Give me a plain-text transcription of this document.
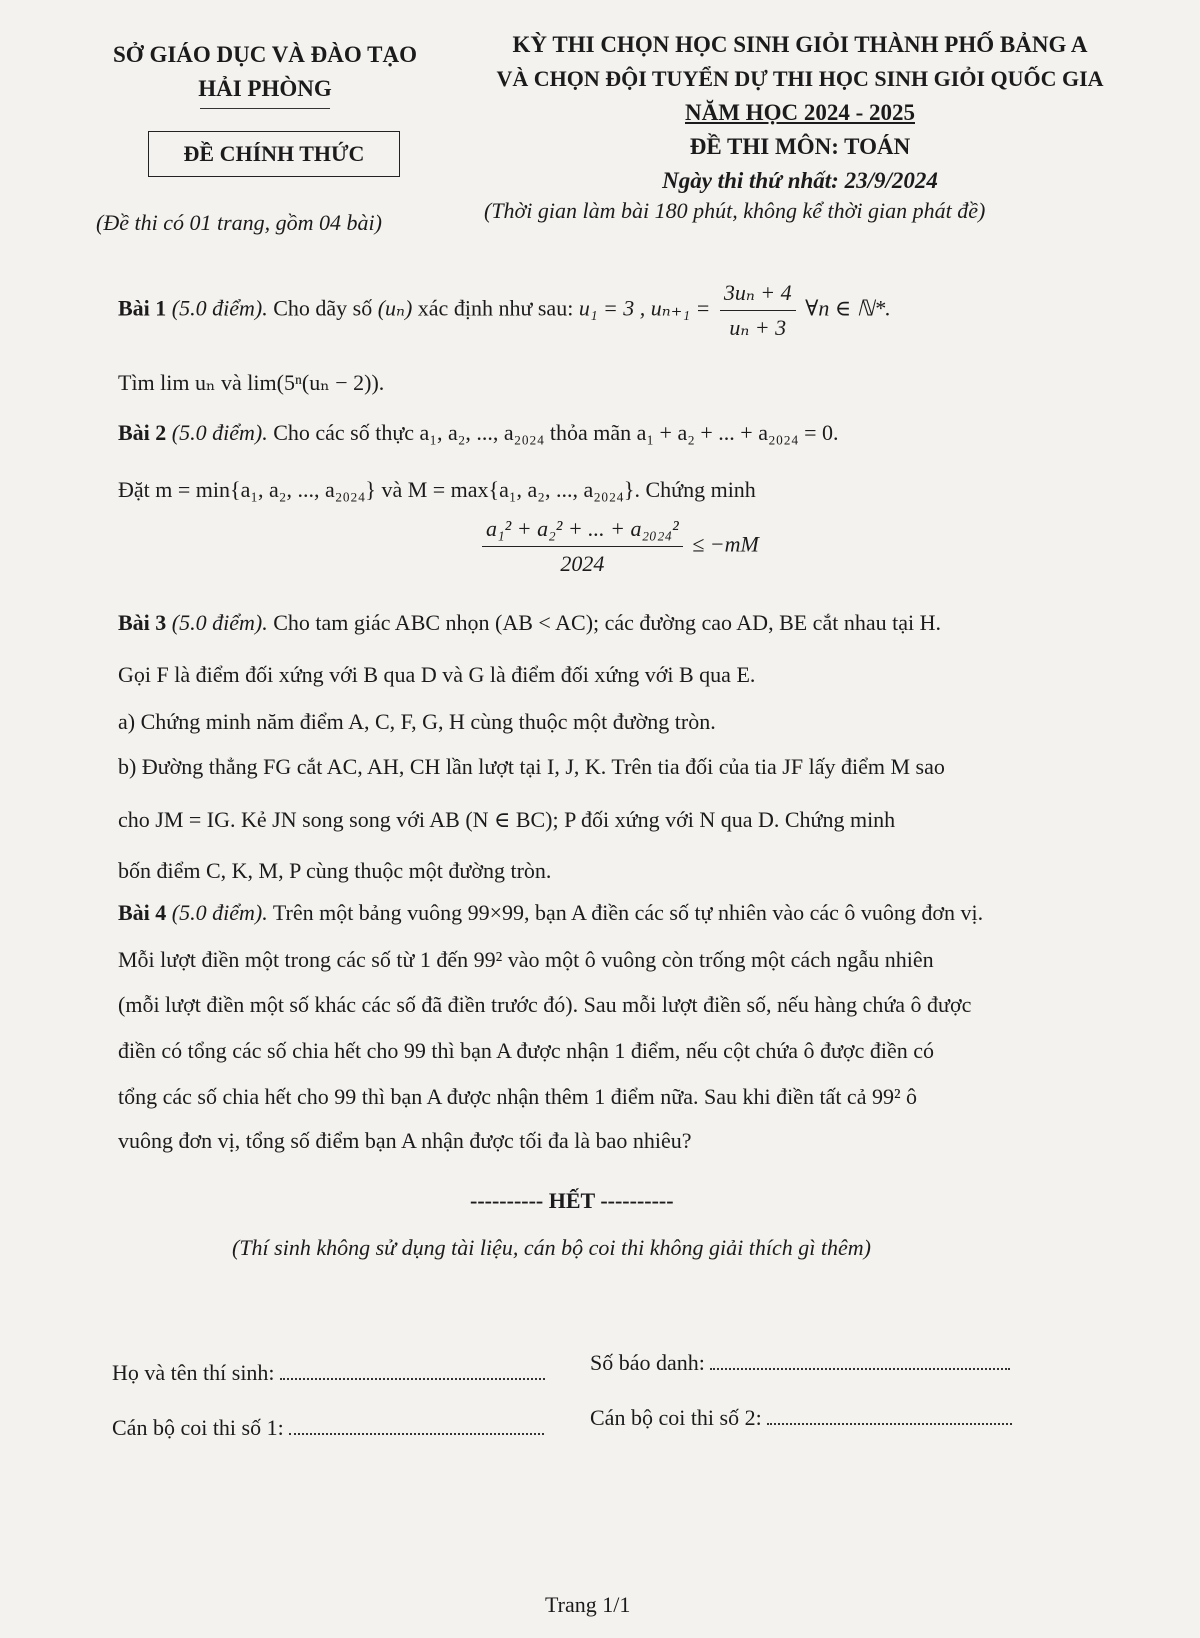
SỞ GIÁO DỤC VÀ ĐÀO TẠO
HẢI PHÒNG
ĐỀ CHÍNH THỨC
KỲ THI CHỌN HỌC SINH GIỎI THÀNH PHỐ BẢNG A
VÀ CHỌN ĐỘI TUYỂN DỰ THI HỌC SINH GIỎI QUỐC GIA
NĂM HỌC 2024 - 2025
ĐỀ THI MÔN: TOÁN
Ngày thi thứ nhất: 23/9/2024
(Đề thi có 01 trang, gồm 04 bài)	(Thời gian làm bài 180 phút, không kể thời gian phát đề)
Bài 1 (5.0 điểm). Cho dãy số (uₙ) xác định như sau: u₁ = 3 , $u_{n+1} = \frac{\text{3uₙ + 4}}{\text{uₙ + 3}}$ ∀n ∈ ℕ*.
Tìm lim uₙ và lim(5ⁿ(uₙ − 2)).
Bài 2 (5.0 điểm). Cho các số thực a₁, a₂, ..., a₂₀₂₄ thỏa mãn a₁ + a₂ + ... + a₂₀₂₄ = 0.
Đặt m = min{a₁, a₂, ..., a₂₀₂₄} và M = max{a₁, a₂, ..., a₂₀₂₄}. Chứng minh
$\frac{\text{a₁² + a₂² + ... + a₂₀₂₄²}}{2024} \le -mM$
Bài 3 (5.0 điểm). Cho tam giác ABC nhọn (AB < AC); các đường cao AD, BE cắt nhau tại H.
Gọi F là điểm đối xứng với B qua D và G là điểm đối xứng với B qua E.
a) Chứng minh năm điểm A, C, F, G, H cùng thuộc một đường tròn.
b) Đường thẳng FG cắt AC, AH, CH lần lượt tại I, J, K. Trên tia đối của tia JF lấy điểm M sao
cho JM = IG. Kẻ JN song song với AB (N ∈ BC); P đối xứng với N qua D. Chứng minh
bốn điểm C, K, M, P cùng thuộc một đường tròn.
Bài 4 (5.0 điểm). Trên một bảng vuông 99×99, bạn A điền các số tự nhiên vào các ô vuông đơn vị.
Mỗi lượt điền một trong các số từ 1 đến 99² vào một ô vuông còn trống một cách ngẫu nhiên
(mỗi lượt điền một số khác các số đã điền trước đó). Sau mỗi lượt điền số, nếu hàng chứa ô được
điền có tổng các số chia hết cho 99 thì bạn A được nhận 1 điểm, nếu cột chứa ô được điền có
tổng các số chia hết cho 99 thì bạn A được nhận thêm 1 điểm nữa. Sau khi điền tất cả 99² ô
vuông đơn vị, tổng số điểm bạn A nhận được tối đa là bao nhiêu?
---------- HẾT ----------
(Thí sinh không sử dụng tài liệu, cán bộ coi thi không giải thích gì thêm)
Họ và tên thí sinh:	Số báo danh:
Cán bộ coi thi số 1:	Cán bộ coi thi số 2:
Trang 1/1
